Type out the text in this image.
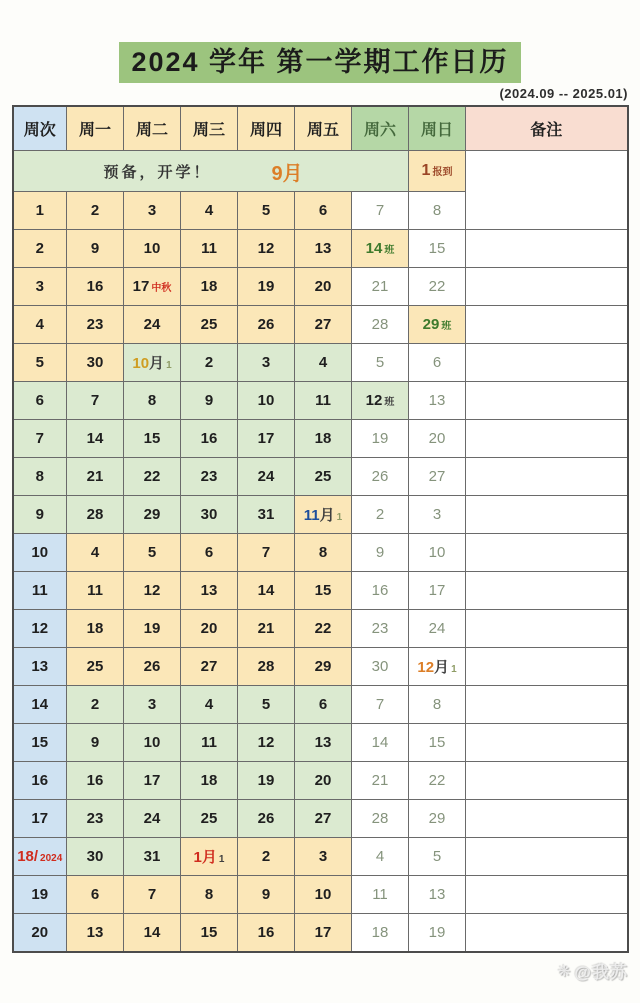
2024 学年 第一学期工作日历
(2024.09 -- 2025.01)
周次	周一	周二	周三	周四	周五	周六	周日	备注

预备，开学！ 9月							1 报到	
1	2	3	4	5	6	7	8	
2	9	10	11	12	13	14 班	15	
3	16	17 中秋	18	19	20	21	22	
4	23	24	25	26	27	28	29 班	
5	30	10月 1	2	3	4	5	6	
6	7	8	9	10	11	12 班	13	
7	14	15	16	17	18	19	20	
8	21	22	23	24	25	26	27	
9	28	29	30	31	11月 1	2	3	
10	4	5	6	7	8	9	10	
11	11	12	13	14	15	16	17	
12	18	19	20	21	22	23	24	
13	25	26	27	28	29	30	12月 1	
14	2	3	4	5	6	7	8	
15	9	10	11	12	13	14	15	
16	16	17	18	19	20	21	22	
17	23	24	25	26	27	28	29	
18/ 2024	30	31	1月 1	2	3	4	5	
19	6	7	8	9	10	11	13	
20	13	14	15	16	17	18	19	
❋ @我苏
